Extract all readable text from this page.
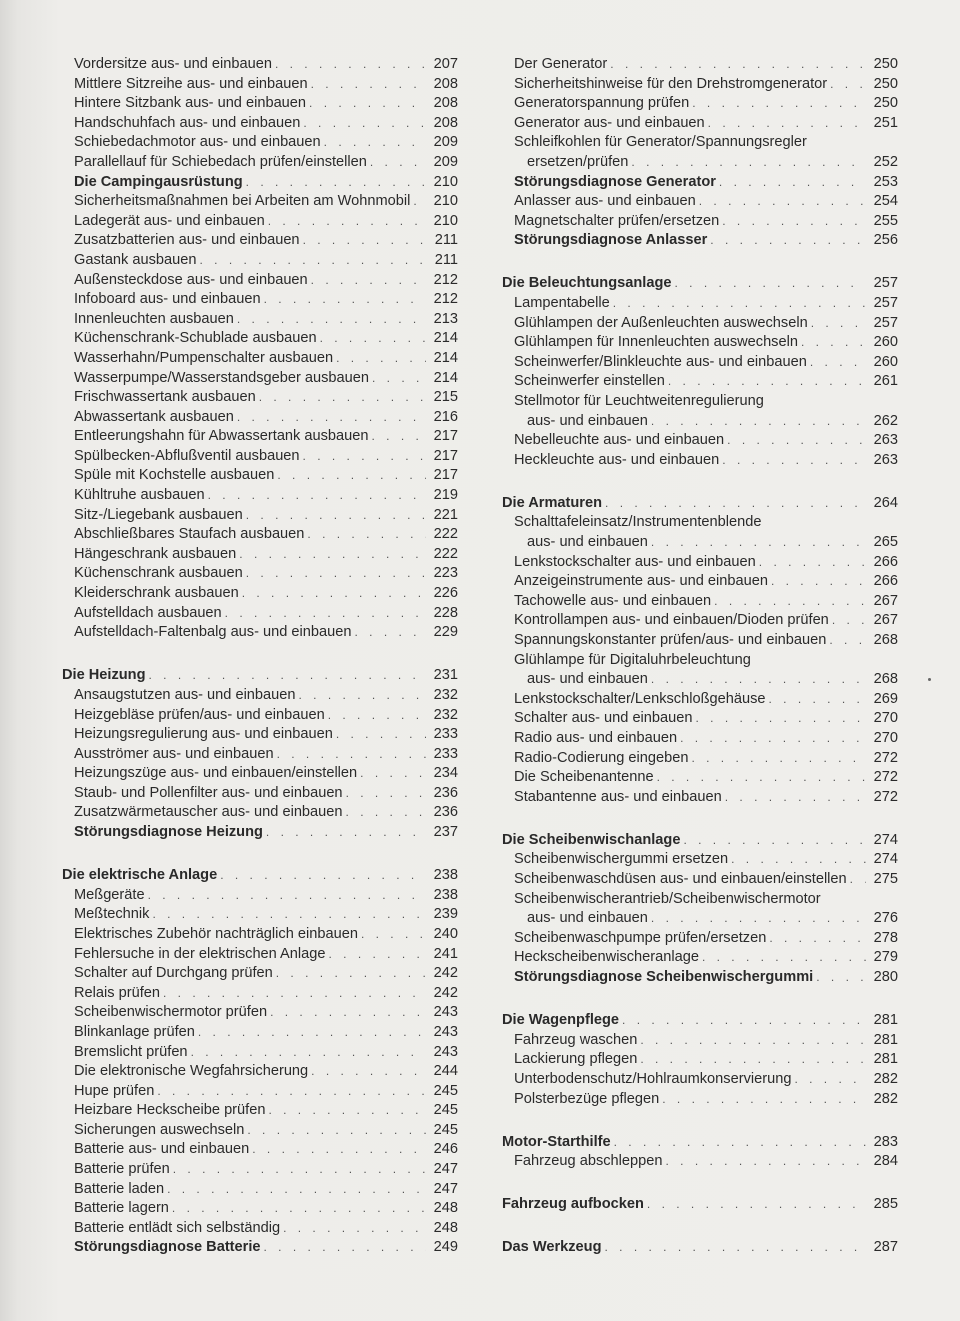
Vordersitze aus- und einbauen . . .	207
Mittlere Sitzreihe aus- und einbauen . . .	208
Hintere Sitzbank aus- und einbauen . . .	208
Handschuhfach aus- und einbauen . . .	208
Schiebedachmotor aus- und einbauen . . .	209
Parallellauf für Schiebedach prüfen/einstellen . . .	209
Die Campingausrüstung . . .	210
Sicherheitsmaßnahmen bei Arbeiten am Wohnmobil . . . 210
Ladegerät aus- und einbauen . . .	210
Zusatzbatterien aus- und einbauen . . .	211
Gastank ausbauen . . .	211
Außensteckdose aus- und einbauen . . .	212
Infoboard aus- und einbauen . . .	212
Innenleuchten ausbauen . . .	213
Küchenschrank-Schublade ausbauen . . .	214
Wasserhahn/Pumpenschalter ausbauen . . .	214
Wasserpumpe/Wasserstandsgeber ausbauen . . .	214
Frischwassertank ausbauen . . .	215
Abwassertank ausbauen . . .	216
Entleerungshahn für Abwassertank ausbauen . . .	217
Spülbecken-Abflußventil ausbauen . . .	217
Spüle mit Kochstelle ausbauen . . .	217
Kühltruhe ausbauen . . .	219
Sitz-/Liegebank ausbauen . . .	221
Abschließbares Staufach ausbauen . . .	222
Hängeschrank ausbauen . . .	222
Küchenschrank ausbauen . . .	223
Kleiderschrank ausbauen . . .	226
Aufstelldach ausbauen . . .	228
Aufstelldach-Faltenbalg aus- und einbauen . . .	229
Die Heizung . . .	231
Ansaugstutzen aus- und einbauen . . .	232
Heizgebläse prüfen/aus- und einbauen . . .	232
Heizungsregulierung aus- und einbauen . . .	233
Ausströmer aus- und einbauen . . .	233
Heizungszüge aus- und einbauen/einstellen . . .	234
Staub- und Pollenfilter aus- und einbauen . . .	236
Zusatzwärmetauscher aus- und einbauen . . .	236
Störungsdiagnose Heizung . . .	237
Die elektrische Anlage . . .	238
Meßgeräte . . .	238
Meßtechnik . . .	239
Elektrisches Zubehör nachträglich einbauen . . .	240
Fehlersuche in der elektrischen Anlage . . .	241
Schalter auf Durchgang prüfen . . .	242
Relais prüfen . . .	242
Scheibenwischermotor prüfen . . .	243
Blinkanlage prüfen . . .	243
Bremslicht prüfen . . .	243
Die elektronische Wegfahrsicherung . . .	244
Hupe prüfen . . .	245
Heizbare Heckscheibe prüfen . . .	245
Sicherungen auswechseln . . .	245
Batterie aus- und einbauen . . .	246
Batterie prüfen . . .	247
Batterie laden . . .	247
Batterie lagern . . .	248
Batterie entlädt sich selbständig . . .	248
Störungsdiagnose Batterie . . .	249
Der Generator . . .	250
Sicherheitshinweise für den Drehstromgenerator . . .	250
Generatorspannung prüfen . . .	250
Generator aus- und einbauen . . .	251
Schleifkohlen für Generator/Spannungsregler
ersetzen/prüfen . . .	252
Störungsdiagnose Generator . . .	253
Anlasser aus- und einbauen . . .	254
Magnetschalter prüfen/ersetzen . . .	255
Störungsdiagnose Anlasser . . .	256
Die Beleuchtungsanlage . . .	257
Lampentabelle . . .	257
Glühlampen der Außenleuchten auswechseln . . .	257
Glühlampen für Innenleuchten auswechseln . . .	260
Scheinwerfer/Blinkleuchte aus- und einbauen . . .	260
Scheinwerfer einstellen . . .	261
Stellmotor für Leuchtweitenregulierung
aus- und einbauen . . .	262
Nebelleuchte aus- und einbauen . . .	263
Heckleuchte aus- und einbauen . . .	263
Die Armaturen . . .	264
Schalttafeleinsatz/Instrumentenblende
aus- und einbauen . . .	265
Lenkstockschalter aus- und einbauen . . .	266
Anzeigeinstrumente aus- und einbauen . . .	266
Tachowelle aus- und einbauen . . .	267
Kontrollampen aus- und einbauen/Dioden prüfen . . .	267
Spannungskonstanter prüfen/aus- und einbauen . . .	268
Glühlampe für Digitaluhrbeleuchtung
aus- und einbauen . . .	268
Lenkstockschalter/Lenkschloßgehäuse . . .	269
Schalter aus- und einbauen . . .	270
Radio aus- und einbauen . . .	270
Radio-Codierung eingeben . . .	272
Die Scheibenantenne . . .	272
Stabantenne aus- und einbauen . . .	272
Die Scheibenwischanlage . . .	274
Scheibenwischergummi ersetzen . . .	274
Scheibenwaschdüsen aus- und einbauen/einstellen . . . 275
Scheibenwischerantrieb/Scheibenwischermotor
aus- und einbauen . . .	276
Scheibenwaschpumpe prüfen/ersetzen . . .	278
Heckscheibenwischeranlage . . .	279
Störungsdiagnose Scheibenwischergummi . . .	280
Die Wagenpflege . . .	281
Fahrzeug waschen . . .	281
Lackierung pflegen . . .	281
Unterbodenschutz/Hohlraumkonservierung . . .	282
Polsterbezüge pflegen . . .	282
Motor-Starthilfe . . .	283
Fahrzeug abschleppen . . .	284
Fahrzeug aufbocken . . .	285
Das Werkzeug . . .	287
